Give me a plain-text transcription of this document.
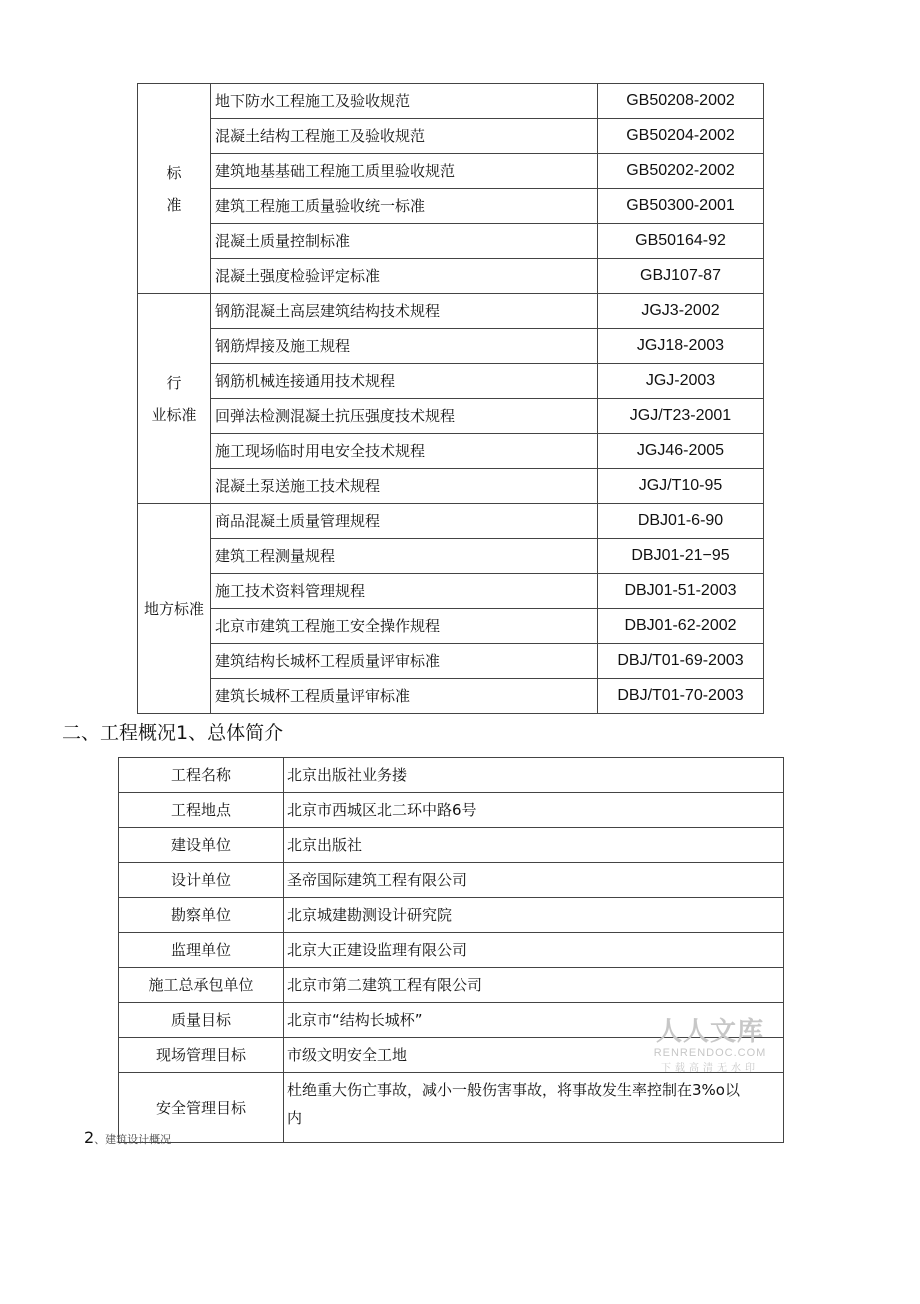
标
准	地下防水工程施工及验收规范	GB50208-2002
	混凝土结构工程施工及验收规范	GB50204-2002
	建筑地基基础工程施工质里验收规范	GB50202-2002
	建筑工程施工质量验收统一标准	GB50300-2001
	混凝土质量控制标准	GB50164-92
	混凝土强度检验评定标准	GBJ107-87

行
业标准	钢筋混凝土高层建筑结构技术规程	JGJ3-2002
	钢筋焊接及施工规程	JGJ18-2003
	钢筋机械连接通用技术规程	JGJ-2003
	回弹法检测混凝土抗压强度技术规程	JGJ/T23-2001
	施工现场临时用电安全技术规程	JGJ46-2005
	混凝土泵送施工技术规程	JGJ/T10-95

地方标准	商品混凝土质量管理规程	DBJ01-6-90
	建筑工程测量规程	DBJ01-21−95
	施工技术资料管理规程	DBJ01-51-2003
	北京市建筑工程施工安全操作规程	DBJ01-62-2002
	建筑结构长城杯工程质量评审标准	DBJ/T01-69-2003
	建筑长城杯工程质量评审标准	DBJ/T01-70-2003
二、工程概况1、总体简介
工程名称	北京出版社业务搂
工程地点	北京市西城区北二环中路6号
建设单位	北京出版社
设计单位	圣帝国际建筑工程有限公司
勘察单位	北京城建勘测设计研究院
监理单位	北京大正建设监理有限公司
施工总承包单位	北京市第二建筑工程有限公司
质量目标	北京市“结构长城杯”
现场管理目标	市级文明安全工地
安全管理目标	杜绝重大伤亡事故，减小一般伤害事故，将事故发生率控制在3%o以
内
2、建筑设计概况
人人文库
RENRENDOC.COM
下载高清无水印
